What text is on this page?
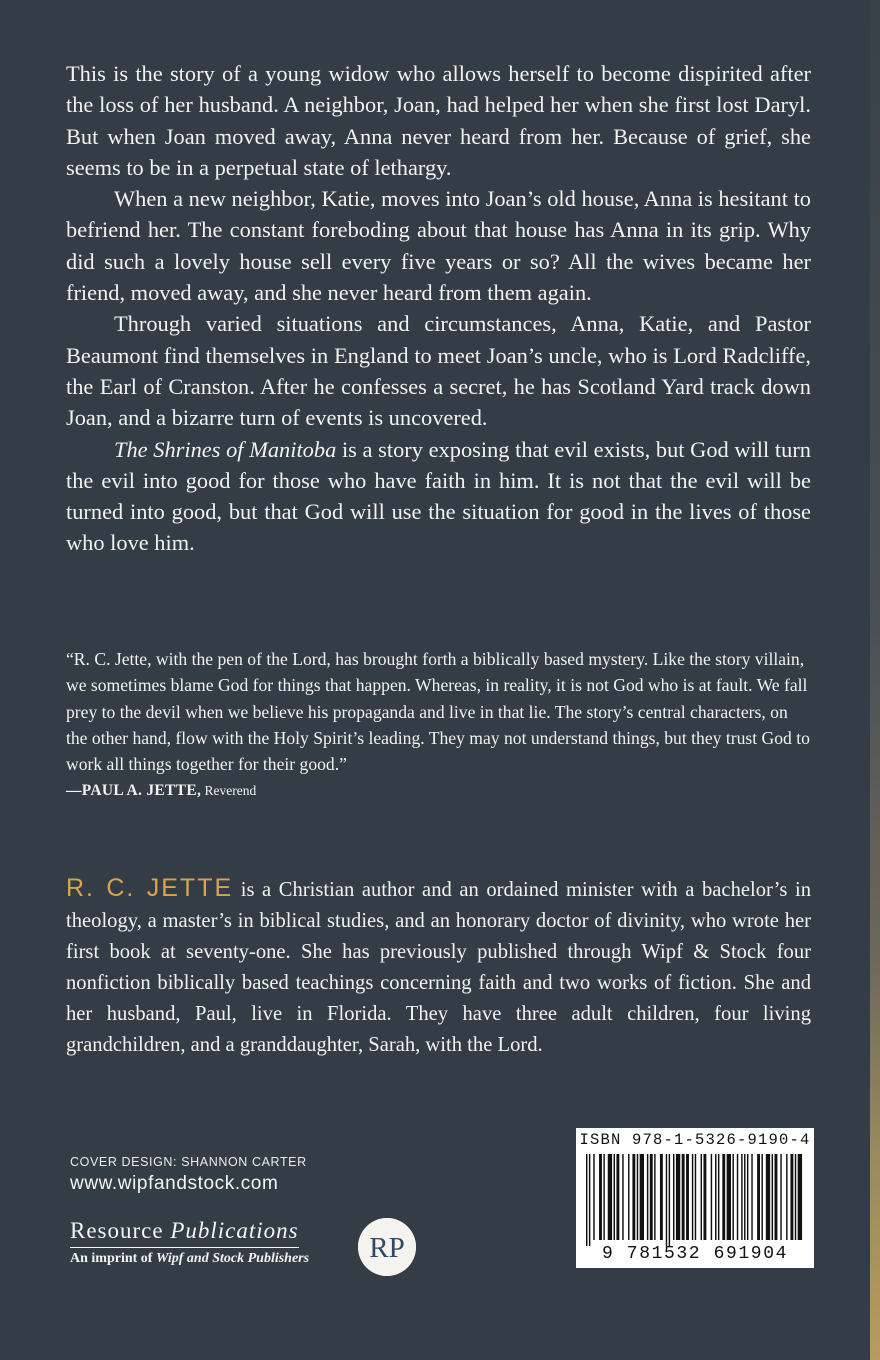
This is the story of a young widow who allows herself to become dispirited after the loss of her husband. A neighbor, Joan, had helped her when she first lost Daryl. But when Joan moved away, Anna never heard from her. Because of grief, she seems to be in a perpetual state of lethargy.

When a new neighbor, Katie, moves into Joan’s old house, Anna is hesitant to befriend her. The constant foreboding about that house has Anna in its grip. Why did such a lovely house sell every five years or so? All the wives became her friend, moved away, and she never heard from them again.

Through varied situations and circumstances, Anna, Katie, and Pastor Beaumont find themselves in England to meet Joan’s uncle, who is Lord Radcliffe, the Earl of Cranston. After he confesses a secret, he has Scotland Yard track down Joan, and a bizarre turn of events is uncovered.

The Shrines of Manitoba is a story exposing that evil exists, but God will turn the evil into good for those who have faith in him. It is not that the evil will be turned into good, but that God will use the situation for good in the lives of those who love him.

“R. C. Jette, with the pen of the Lord, has brought forth a biblically based mystery. Like the story villain, we sometimes blame God for things that happen. Whereas, in reality, it is not God who is at fault. We fall prey to the devil when we believe his propaganda and live in that lie. The story’s central characters, on the other hand, flow with the Holy Spirit’s leading. They may not understand things, but they trust God to work all things together for their good.”

—PAUL A. JETTE, Reverend
R. C. JETTE is a Christian author and an ordained minister with a bachelor’s in theology, a master’s in biblical studies, and an honorary doctor of divinity, who wrote her first book at seventy-one. She has previously published through Wipf & Stock four nonfiction biblically based teachings concerning faith and two works of fiction. She and her husband, Paul, live in Florida. They have three adult children, four living grandchildren, and a granddaughter, Sarah, with the Lord.
COVER DESIGN: SHANNON CARTER
www.wipfandstock.com
Resource Publications
An imprint of Wipf and Stock Publishers	RP
ISBN 978-1-5326-9190-4
9 781532 691904
